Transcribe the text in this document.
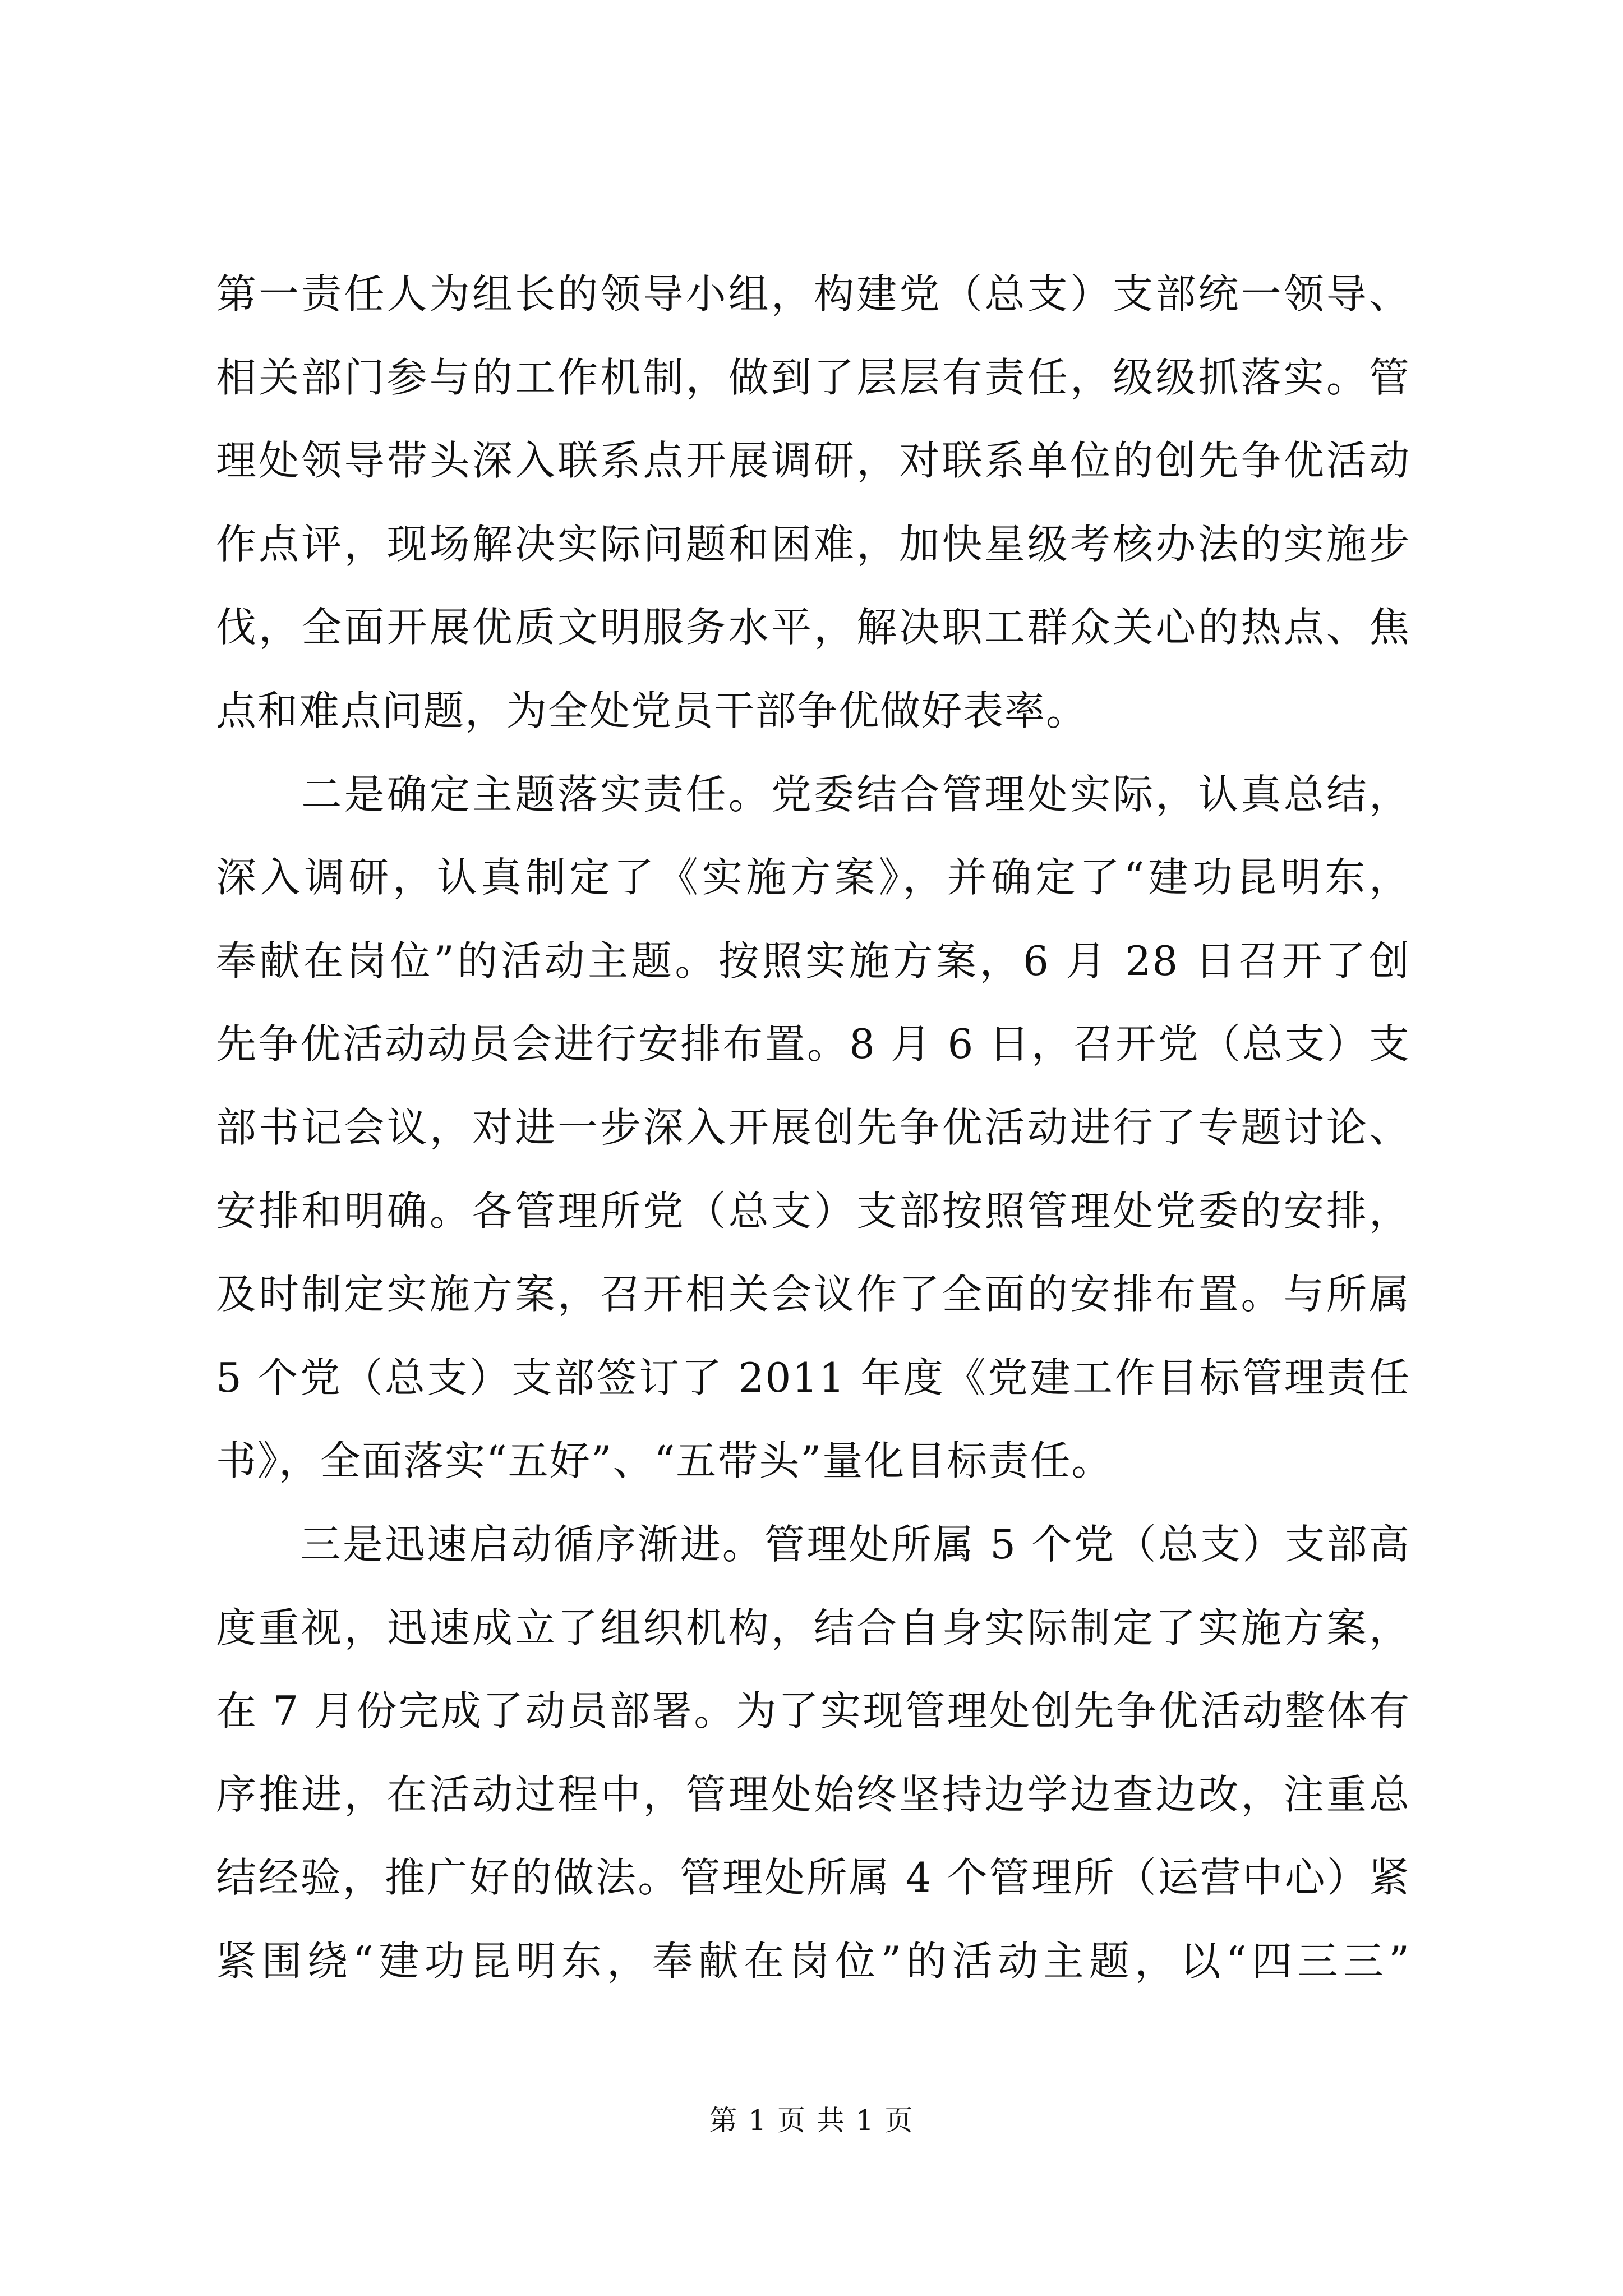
第一责任人为组长的领导小组，构建党（总支）支部统一领导、
相关部门参与的工作机制，做到了层层有责任，级级抓落实。管
理处领导带头深入联系点开展调研，对联系单位的创先争优活动
作点评，现场解决实际问题和困难，加快星级考核办法的实施步
伐，全面开展优质文明服务水平，解决职工群众关心的热点、焦
点和难点问题，为全处党员干部争优做好表率。
　　二是确定主题落实责任。党委结合管理处实际，认真总结，
深入调研，认真制定了《实施方案》，并确定了“建功昆明东，
奉献在岗位”的活动主题。按照实施方案，6 月 28 日召开了创
先争优活动动员会进行安排布置。8 月 6 日，召开党（总支）支
部书记会议，对进一步深入开展创先争优活动进行了专题讨论、
安排和明确。各管理所党（总支）支部按照管理处党委的安排，
及时制定实施方案，召开相关会议作了全面的安排布置。与所属
5 个党（总支）支部签订了 2011 年度《党建工作目标管理责任
书》，全面落实“五好”、“五带头”量化目标责任。
　　三是迅速启动循序渐进。管理处所属 5 个党（总支）支部高
度重视，迅速成立了组织机构，结合自身实际制定了实施方案，
在 7 月份完成了动员部署。为了实现管理处创先争优活动整体有
序推进，在活动过程中，管理处始终坚持边学边查边改，注重总
结经验，推广好的做法。管理处所属 4 个管理所（运营中心）紧
紧围绕“建功昆明东，奉献在岗位”的活动主题，以“四三三”
第 1 页 共 1 页
